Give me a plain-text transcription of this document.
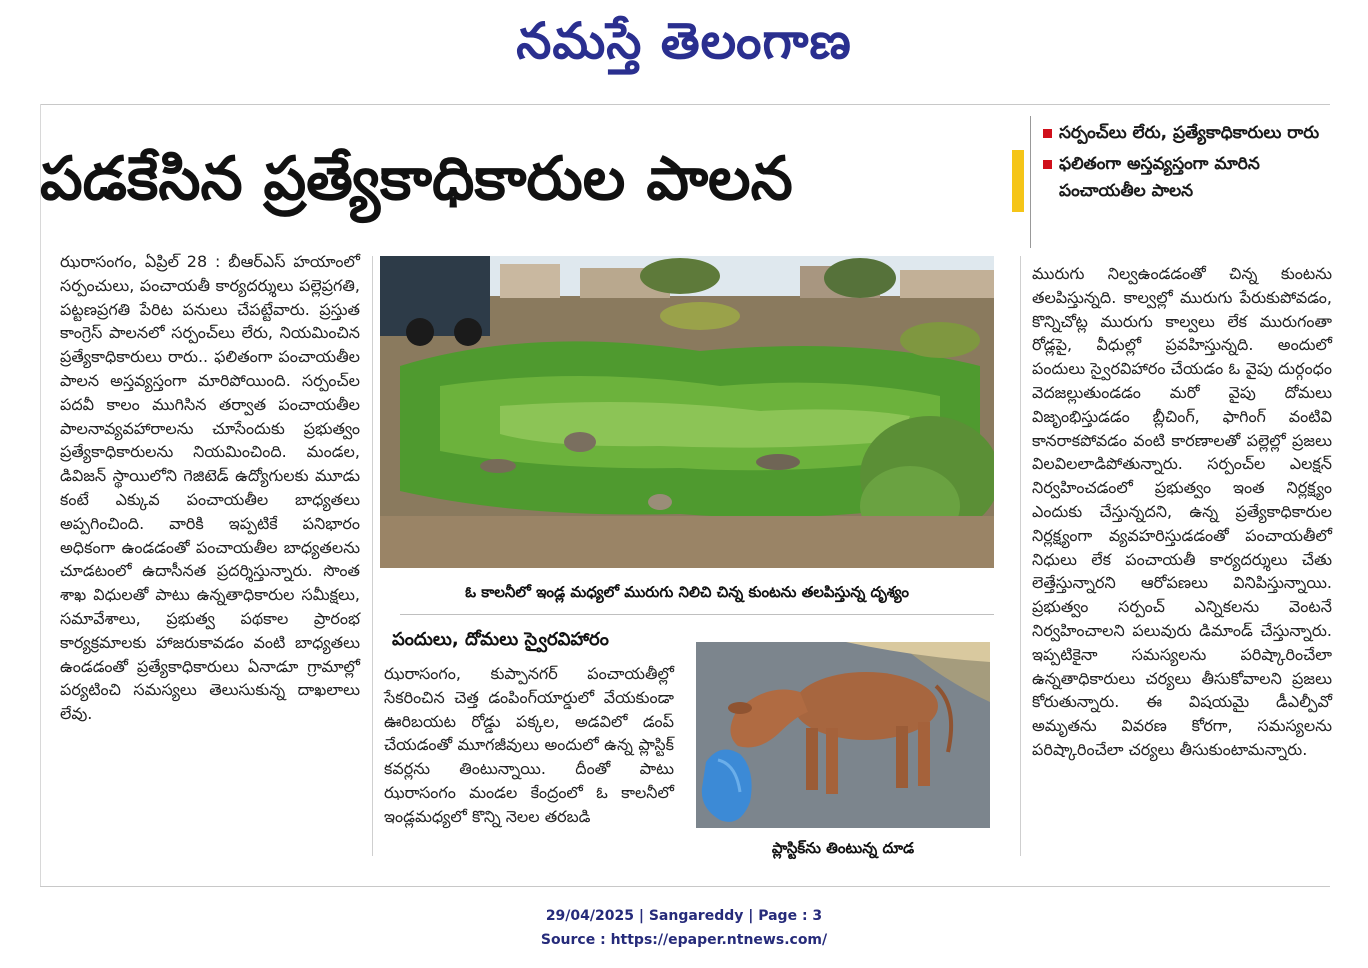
నమస్తే తెలంగాణ
పడకేసిన ప్రత్యేకాధికారుల పాలన
సర్పంచ్‌లు లేరు, ప్రత్యేకాధికారులు రారు
ఫలితంగా అస్తవ్యస్తంగా మారిన పంచాయతీల పాలన
ఝరాసంగం, ఏప్రిల్ 28 : బీఆర్‌ఎస్ హయాంలో సర్పంచులు, పంచాయతీ కార్యదర్శులు పల్లెప్రగతి, పట్టణప్రగతి పేరిట పనులు చేపట్టేవారు. ప్రస్తుత కాంగ్రెస్ పాలనలో సర్పంచ్‌లు లేరు, నియమించిన ప్రత్యేకాధికారులు రారు.. ఫలితంగా పంచాయతీల పాలన అస్తవ్యస్తంగా మారిపోయింది. సర్పంచ్‌ల పదవీ కాలం ముగిసిన తర్వాత పంచాయతీల పాలనావ్యవహారాలను చూసేందుకు ప్రభుత్వం ప్రత్యేకాధికారులను నియమించింది. మండల, డివిజన్ స్థాయిలోని గెజిటెడ్ ఉద్యోగులకు మూడు కంటే ఎక్కువ పంచాయతీల బాధ్యతలు అప్పగించింది. వారికి ఇప్పటికే పనిభారం అధికంగా ఉండడంతో పంచాయతీల బాధ్యతలను చూడటంలో ఉదాసీనత ప్రదర్శిస్తున్నారు. సొంత శాఖ విధులతో పాటు ఉన్నతాధికారుల సమీక్షలు, సమావేశాలు, ప్రభుత్వ పథకాల ప్రారంభ కార్యక్రమాలకు హాజరుకావడం వంటి బాధ్యతలు ఉండడంతో ప్రత్యేకాధికారులు ఏనాడూ గ్రామాల్లో పర్యటించి సమస్యలు తెలుసుకున్న దాఖలాలు లేవు.
ఓ కాలనీలో ఇండ్ల మధ్యలో మురుగు నిలిచి చిన్న కుంటను తలపిస్తున్న దృశ్యం
పందులు, దోమలు స్వైరవిహారం
ఝరాసంగం, కుప్పానగర్ పంచాయతీల్లో సేకరించిన చెత్త డంపింగ్‌యార్డులో వేయకుండా ఊరిబయట రోడ్డు పక్కల, అడవిలో డంప్ చేయడంతో మూగజీవులు అందులో ఉన్న ప్లాస్టిక్ కవర్లను తింటున్నాయి. దీంతో పాటు ఝరాసంగం మండల కేంద్రంలో ఓ కాలనీలో ఇండ్లమధ్యలో కొన్ని నెలల తరబడి
ప్లాస్టిక్‌ను తింటున్న దూడ
మురుగు నిల్వఉండడంతో చిన్న కుంటను తలపిస్తున్నది. కాల్వల్లో మురుగు పేరుకుపోవడం, కొన్నిచోట్ల మురుగు కాల్వలు లేక మురుగంతా రోడ్లపై, వీధుల్లో ప్రవహిస్తున్నది. అందులో పందులు స్వైరవిహారం చేయడం ఓ వైపు దుర్గంధం వెదజల్లుతుండడం మరో వైపు దోమలు విజృంభిస్తుడడం బ్లీచింగ్, ఫాగింగ్ వంటివి కానరాకపోవడం వంటి కారణాలతో పల్లెల్లో ప్రజలు విలవిలలాడిపోతున్నారు. సర్పంచ్‌ల ఎలక్షన్ నిర్వహించడంలో ప్రభుత్వం ఇంత నిర్లక్ష్యం ఎందుకు చేస్తున్నదని, ఉన్న ప్రత్యేకాధికారుల నిర్లక్ష్యంగా వ్యవహరిస్తుడడంతో పంచాయతీలో నిధులు లేక పంచాయతీ కార్యదర్శులు చేతు లెత్తేస్తున్నారని ఆరోపణలు వినిపిస్తున్నాయి. ప్రభుత్వం సర్పంచ్ ఎన్నికలను వెంటనే నిర్వహించాలని పలువురు డిమాండ్ చేస్తున్నారు. ఇప్పటికైనా సమస్యలను పరిష్కారించేలా ఉన్నతాధికారులు చర్యలు తీసుకోవాలని ప్రజలు కోరుతున్నారు. ఈ విషయమై డీఎల్పీవో అమృతను వివరణ కోరగా, సమస్యలను పరిష్కారించేలా చర్యలు తీసుకుంటామన్నారు.
29/04/2025 | Sangareddy | Page : 3
Source : https://epaper.ntnews.com/
